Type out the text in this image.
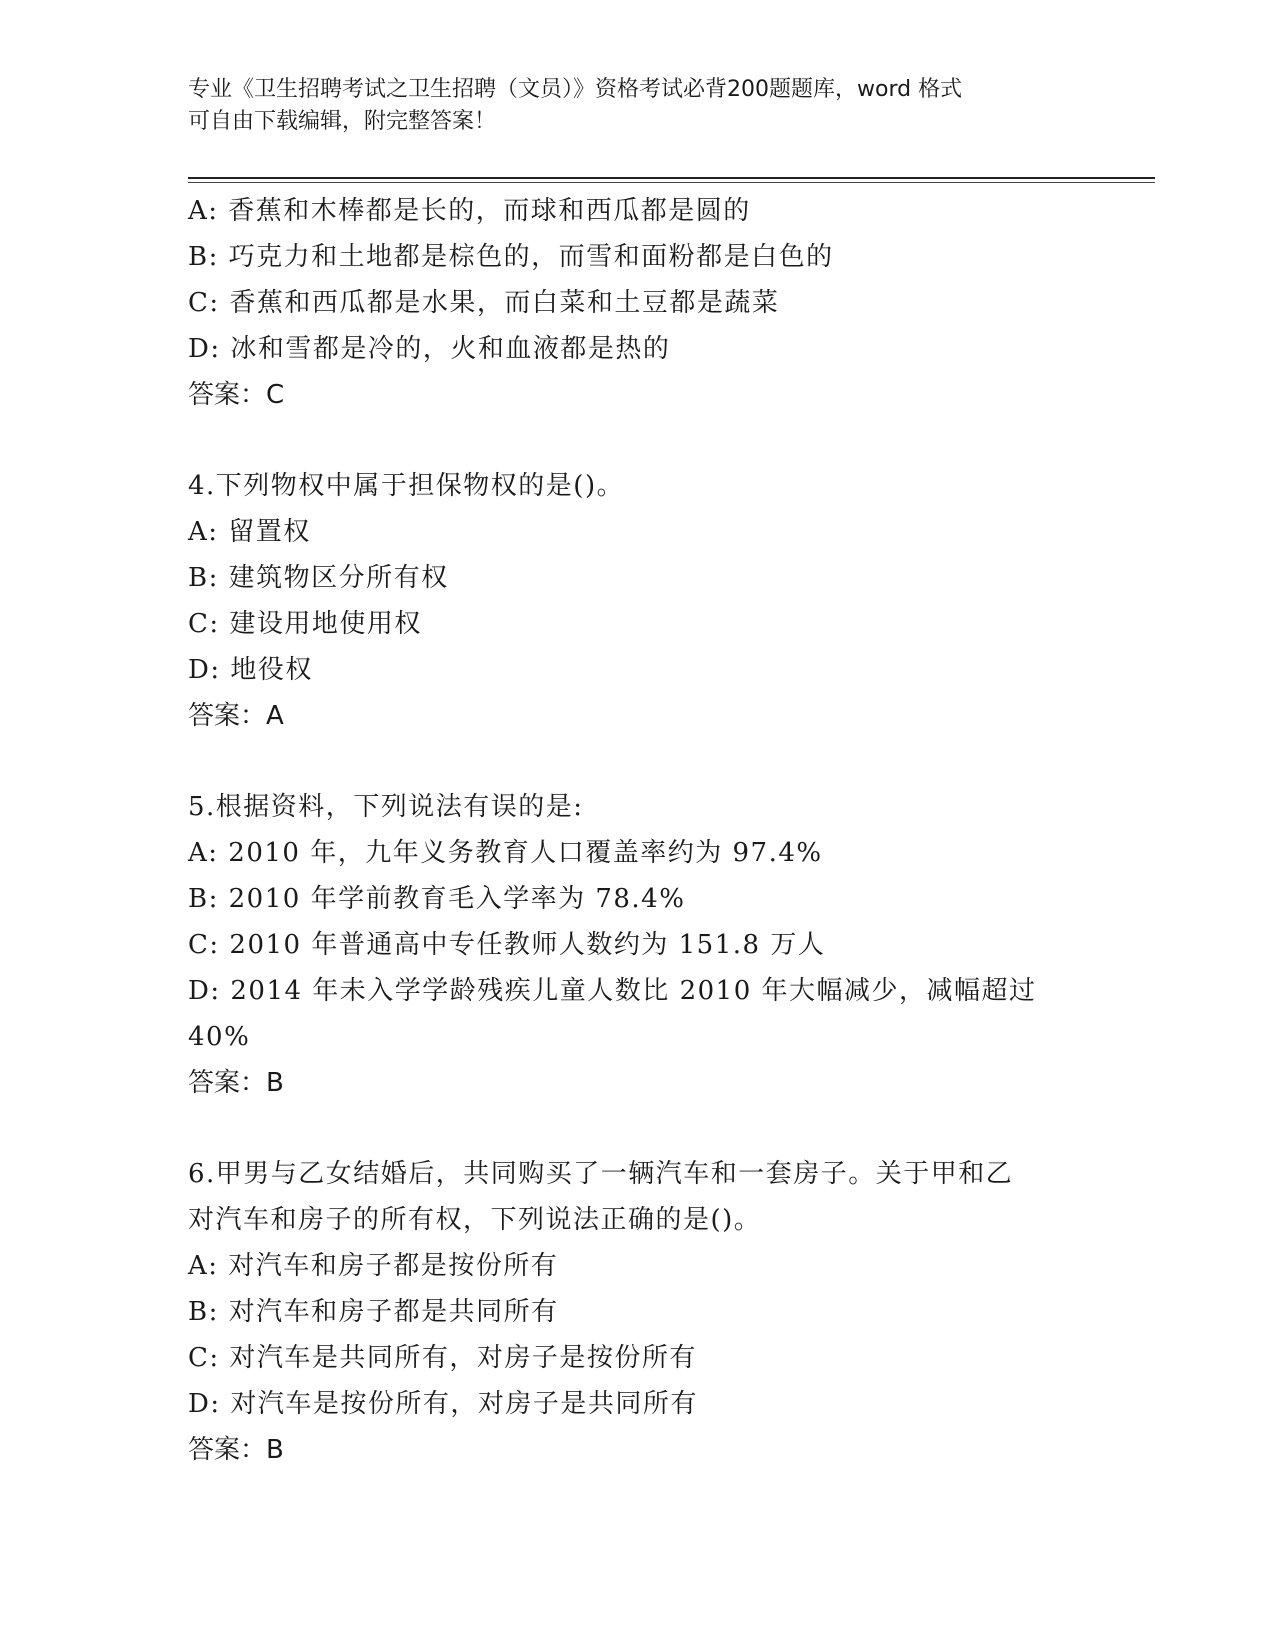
专业《卫生招聘考试之卫生招聘（文员）》资格考试必背200题题库，word 格式
可自由下载编辑，附完整答案！
A: 香蕉和木棒都是长的，而球和西瓜都是圆的
B: 巧克力和土地都是棕色的，而雪和面粉都是白色的
C: 香蕉和西瓜都是水果，而白菜和土豆都是蔬菜
D: 冰和雪都是冷的，火和血液都是热的
答案：C
4.下列物权中属于担保物权的是()。
A: 留置权
B: 建筑物区分所有权
C: 建设用地使用权
D: 地役权
答案：A
5.根据资料，下列说法有误的是:
A: 2010 年，九年义务教育人口覆盖率约为 97.4%
B: 2010 年学前教育毛入学率为 78.4%
C: 2010 年普通高中专任教师人数约为 151.8 万人
D: 2014 年未入学学龄残疾儿童人数比 2010 年大幅减少，减幅超过
40%
答案：B
6.甲男与乙女结婚后，共同购买了一辆汽车和一套房子。关于甲和乙
对汽车和房子的所有权，下列说法正确的是()。
A: 对汽车和房子都是按份所有
B: 对汽车和房子都是共同所有
C: 对汽车是共同所有，对房子是按份所有
D: 对汽车是按份所有，对房子是共同所有
答案：B
